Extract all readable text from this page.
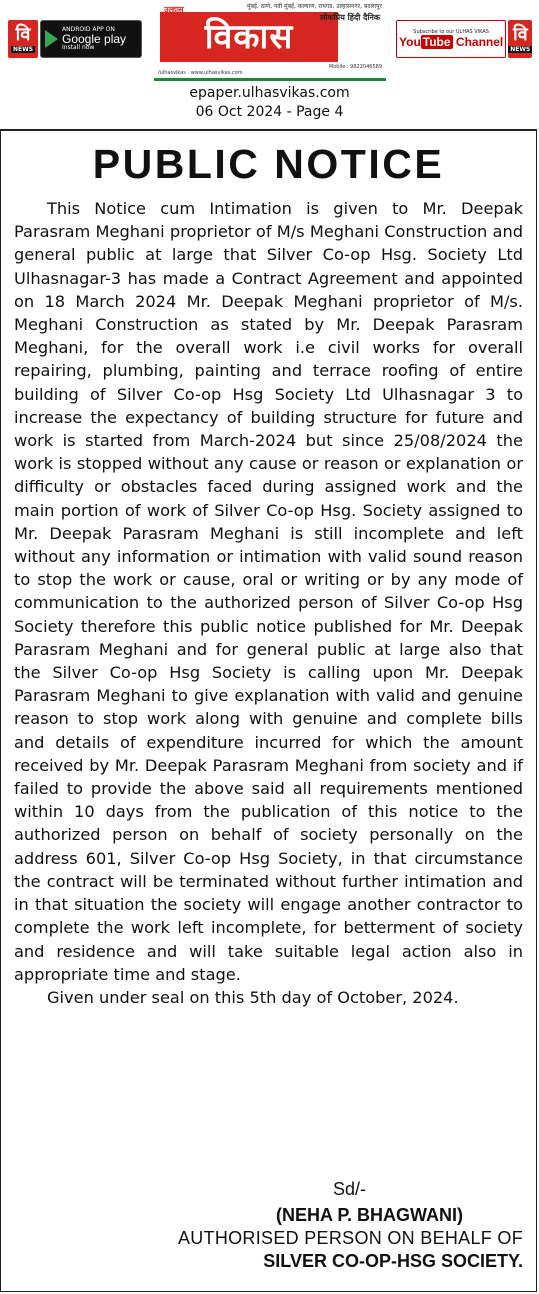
वि
NEWS
ANDROID APP ON
Google play
Install now
मुंबई, ठाणे, नवी मुंबई, कल्याण, रायगड, उल्हासनगर, बदलापूर
विकास
उल्हास
लोकप्रिय हिंदी दैनिक
Mobile : 9822046589
/ulhasvikas · www.ulhasvikas.com
Subscribe to our ULHAS VIKAS
You Tube Channel वि
NEWS
epaper.ulhasvikas.com
06 Oct 2024 - Page 4
PUBLIC NOTICE

This Notice cum Intimation is given to Mr. Deepak Parasram Meghani proprietor of M/s Meghani Construction and general public at large that Silver Co-op Hsg. Society Ltd Ulhasnagar-3 has made a Contract Agreement and appointed on 18 March 2024 Mr. Deepak Meghani proprietor of M/s. Meghani Construction as stated by Mr. Deepak Parasram Meghani, for the overall work i.e civil works for overall repairing, plumbing, painting and terrace roofing of entire building of Silver Co-op Hsg Society Ltd Ulhasnagar 3 to increase the expectancy of building structure for future and work is started from March-2024 but since 25/08/2024 the work is stopped without any cause or reason or explanation or difficulty or obstacles faced during assigned work and the main portion of work of Silver Co-op Hsg. Society assigned to Mr. Deepak Parasram Meghani is still incomplete and left without any information or intimation with valid sound reason to stop the work or cause, oral or writing or by any mode of communication to the authorized person of Silver Co-op Hsg Society therefore this public notice published for Mr. Deepak Parasram Meghani and for general public at large also that the Silver Co-op Hsg Society is calling upon Mr. Deepak Parasram Meghani to give explanation with valid and genuine reason to stop work along with genuine and complete bills and details of expenditure incurred for which the amount received by Mr. Deepak Parasram Meghani from society and if failed to provide the above said all requirements mentioned within 10 days from the publication of this notice to the authorized person on behalf of society personally on the address 601, Silver Co-op Hsg Society, in that circumstance the contract will be terminated without further intimation and in that situation the society will engage another contractor to complete the work left incomplete, for betterment of society and residence and will take suitable legal action also in appropriate time and stage.

Given under seal on this 5th day of October, 2024.

Sd/-
(NEHA P. BHAGWANI)
AUTHORISED PERSON ON BEHALF OF
SILVER CO-OP-HSG SOCIETY.
